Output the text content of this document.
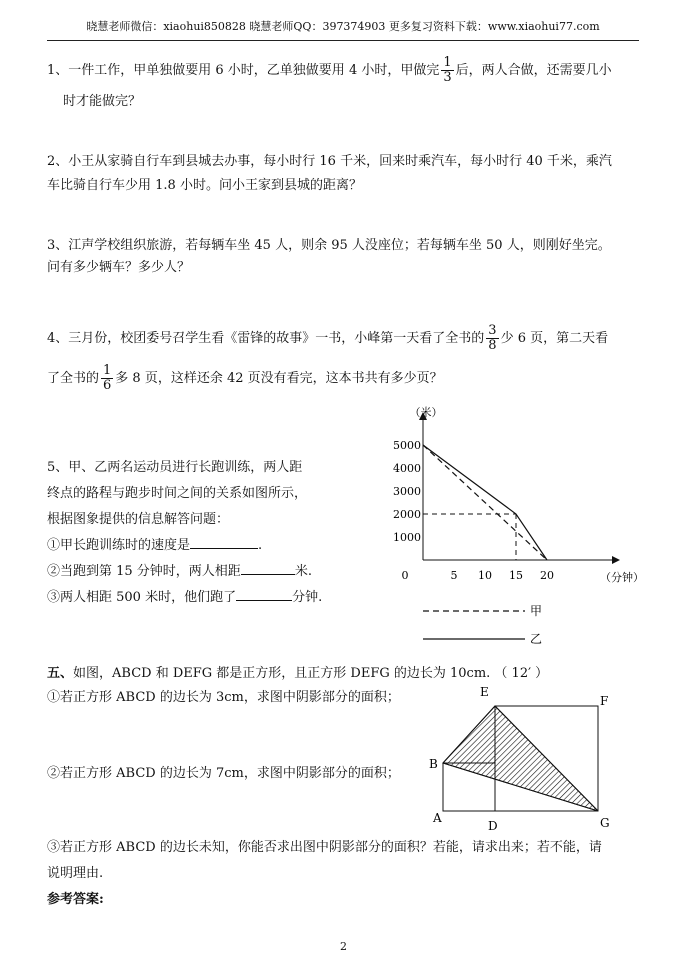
晓慧老师微信：xiaohui850828 晓慧老师QQ：397374903 更多复习资料下载：www.xiaohui77.com
1、一件工作，甲单独做要用 6 小时，乙单独做要用 4 小时，甲做完 $\frac{1}{3}$ 后，两人合做，还需要几小
时才能做完？
2、小王从家骑自行车到县城去办事，每小时行 16 千米，回来时乘汽车，每小时行 40 千米，乘汽
车比骑自行车少用 1.8 小时。问小王家到县城的距离？
3、江声学校组织旅游，若每辆车坐 45 人，则余 95 人没座位；若每辆车坐 50 人，则刚好坐完。
问有多少辆车？多少人？
4、三月份，校团委号召学生看《雷锋的故事》一书，小峰第一天看了全书的 $\frac{3}{8}$ 少 6 页，第二天看
了全书的 $\frac{1}{6}$ 多 8 页，这样还余 42 页没有看完，这本书共有多少页？
5、甲、乙两名运动员进行长跑训练，两人距
终点的路程与跑步时间之间的关系如图所示，
根据图象提供的信息解答问题：
①甲长跑训练时的速度是	.
②当跑到第 15 分钟时，两人相距	米.
③两人相距 500 米时，他们跑了	分钟.
（米）
（分钟）
0	5 10 15 20
1000
2000
3000
4000
5000
甲
乙
五、如图，ABCD 和 DEFG 都是正方形，且正方形 DEFG 的边长为 10cm. （ 12′ ）
①若正方形 ABCD 的边长为 3cm，求图中阴影部分的面积；
②若正方形 ABCD 的边长为 7cm，求图中阴影部分的面积；
③若正方形 ABCD 的边长未知，你能否求出图中阴影部分的面积？若能，请求出来；若不能，请
说明理由.
E
F
B
A
D	G
参考答案:
2
